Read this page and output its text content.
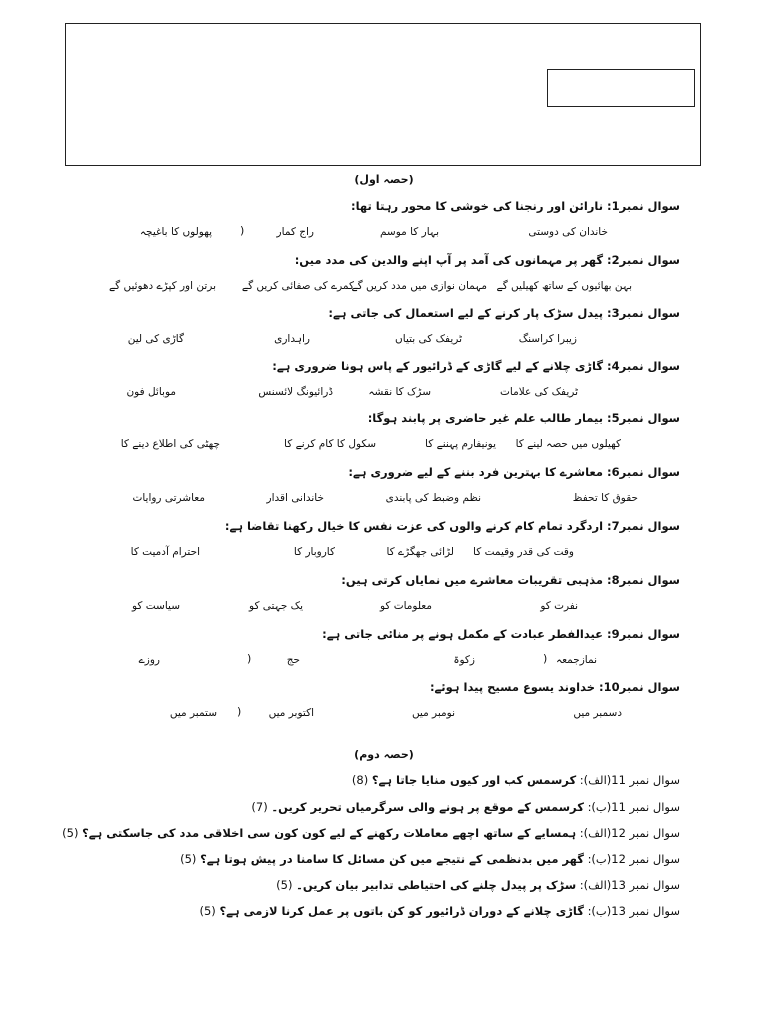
(حصہ اول)
سوال نمبر1: نارائن اور رنجنا کی خوشی کا محور رہتا تھا:
خاندان کی دوستی
بہار کا موسم
راج کمار
)
پھولوں کا باغیچہ
سوال نمبر2: گھر پر مہمانوں کی آمد پر آپ اپنے والدین کی مدد میں:
بہن بھائیوں کے ساتھ کھیلیں گے
مہمان نوازی میں مدد کریں گے
کمرے کی صفائی کریں گے
برتن اور کپڑے دھوئیں گے
سوال نمبر3: پیدل سڑک پار کرنے کے لیے استعمال کی جاتی ہے:
زیبرا کراسنگ
ٹریفک کی بتیاں
راہداری
گاڑی کی لین
سوال نمبر4: گاڑی چلانے کے لیے گاڑی کے ڈرائیور کے پاس ہونا ضروری ہے:
ٹریفک کی علامات
سڑک کا نقشہ
ڈرائیونگ لائسنس
موبائل فون
سوال نمبر5: بیمار طالب علم غیر حاضری پر پابند ہوگا:
کھیلوں میں حصہ لینے کا
یونیفارم پہننے کا
سکول کا کام کرنے کا
چھٹی کی اطلاع دینے کا
سوال نمبر6: معاشرے کا بہترین فرد بننے کے لیے ضروری ہے:
حقوق کا تحفظ
نظم وضبط کی پابندی
خاندانی اقدار
معاشرتی روایات
سوال نمبر7: اردگرد تمام کام کرنے والوں کی عزت نفس کا خیال رکھنا تقاضا ہے:
وقت کی قدر وقیمت کا
لڑائی جھگڑے کا
کاروبار کا
احترام آدمیت کا
سوال نمبر8: مذہبی تقریبات معاشرے میں نمایاں کرتی ہیں:
نفرت کو
معلومات کو
یک جہتی کو
سیاست کو
سوال نمبر9: عیدالفطر عبادت کے مکمل ہونے پر منائی جاتی ہے:
نمازجمعہ
)
زکوۃ
حج
)
روزے
سوال نمبر10: خداوند یسوع مسیح پیدا ہوئے:
دسمبر میں
نومبر میں
اکتوبر میں
)
ستمبر میں
(حصہ دوم)
سوال نمبر 11(الف): کرسمس کب اور کیوں منایا جاتا ہے؟ (8)
سوال نمبر 11(ب): کرسمس کے موقع پر ہونے والی سرگرمیاں تحریر کریں۔ (7)
سوال نمبر 12(الف): ہمسایے کے ساتھ اچھے معاملات رکھنے کے لیے کون کون سی اخلاقی مدد کی جاسکتی ہے؟ (5)
سوال نمبر 12(ب): گھر میں بدنظمی کے نتیجے میں کن مسائل کا سامنا در پیش ہوتا ہے؟ (5)
سوال نمبر 13(الف): سڑک پر پیدل چلنے کی احتیاطی تدابیر بیان کریں۔ (5)
سوال نمبر 13(ب): گاڑی چلانے کے دوران ڈرائیور کو کن باتوں پر عمل کرنا لازمی ہے؟ (5)
